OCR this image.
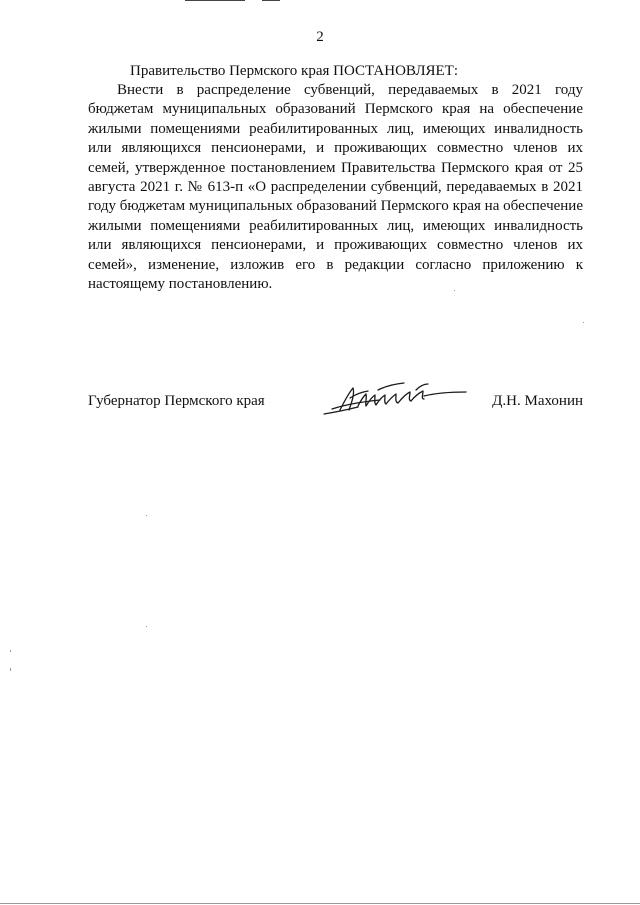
2
Правительство Пермского края ПОСТАНОВЛЯЕТ:

Внести в распределение субвенций, передаваемых в 2021 году бюджетам муниципальных образований Пермского края на обеспечение жилыми помещениями реабилитированных лиц, имеющих инвалидность или являющихся пенсионерами, и проживающих совместно членов их семей, утвержденное постановлением Правительства Пермского края от 25 августа 2021 г. № 613-п «О распределении субвенций, передаваемых в 2021 году бюджетам муниципальных образований Пермского края на обеспечение жилыми помещениями реабилитированных лиц, имеющих инвалидность или являющихся пенсионерами, и проживающих совместно членов их семей», изменение, изложив его в редакции согласно приложению к настоящему постановлению.

Губернатор Пермского края	Д.Н. Махонин
